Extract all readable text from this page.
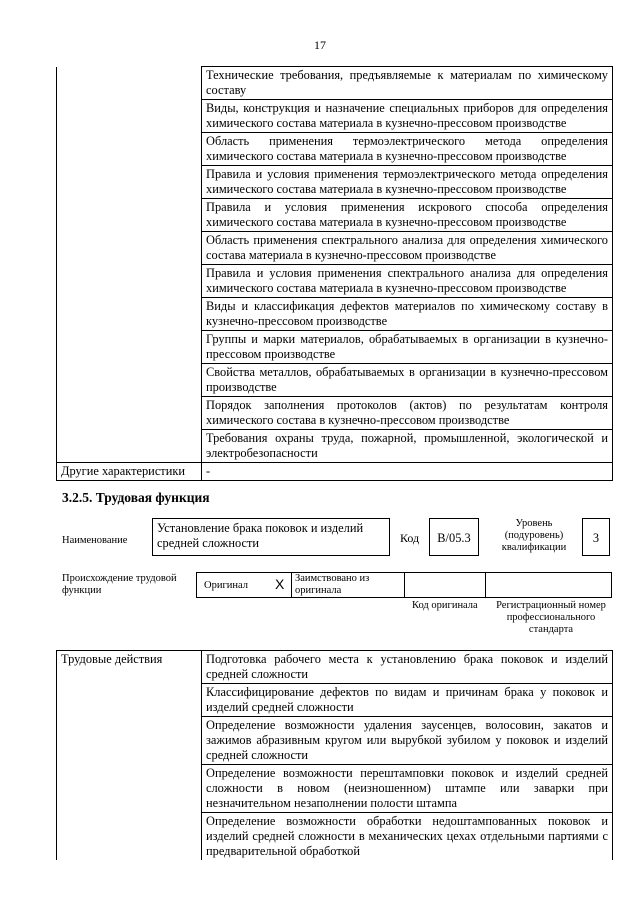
17
	Технические требования, предъявляемые к материалам по химическому составу
	Виды, конструкция и назначение специальных приборов для определения химического состава материала в кузнечно-прессовом производстве
	Область применения термоэлектрического метода определения химического состава материала в кузнечно-прессовом производстве
	Правила и условия применения термоэлектрического метода определения химического состава материала в кузнечно-прессовом производстве
	Правила и условия применения искрового способа определения химического состава материала в кузнечно-прессовом производстве
	Область применения спектрального анализа для определения химического состава материала в кузнечно-прессовом производстве
	Правила и условия применения спектрального анализа для определения химического состава материала в кузнечно-прессовом производстве
	Виды и классификация дефектов материалов по химическому составу в кузнечно-прессовом производстве
	Группы и марки материалов, обрабатываемых в организации в кузнечно-прессовом производстве
	Свойства металлов, обрабатываемых в организации в кузнечно-прессовом производстве
	Порядок заполнения протоколов (актов) по результатам контроля химического состава в кузнечно-прессовом производстве
	Требования охраны труда, пожарной, промышленной, экологической и электробезопасности
Другие характеристики	-
3.2.5. Трудовая функция
Наименование
Установление брака поковок и изделий средней сложности	Код	В/05.3
Уровень (подуровень) квалификации
3
Происхождение трудовой функции	Оригинал X Заимствовано из оригинала
Код оригинала	Регистрационный номер профессионального стандарта
Трудовые действия	Подготовка рабочего места к установлению брака поковок и изделий средней сложности
Классифицирование дефектов по видам и причинам брака у поковок и изделий средней сложности
Определение возможности удаления заусенцев, волосовин, закатов и зажимов абразивным кругом или вырубкой зубилом у поковок и изделий средней сложности
Определение возможности перештамповки поковок и изделий средней сложности в новом (неизношенном) штампе или заварки при незначительном незаполнении полости штампа
Определение возможности обработки недоштампованных поковок и изделий средней сложности в механических цехах отдельными партиями с предварительной обработкой
